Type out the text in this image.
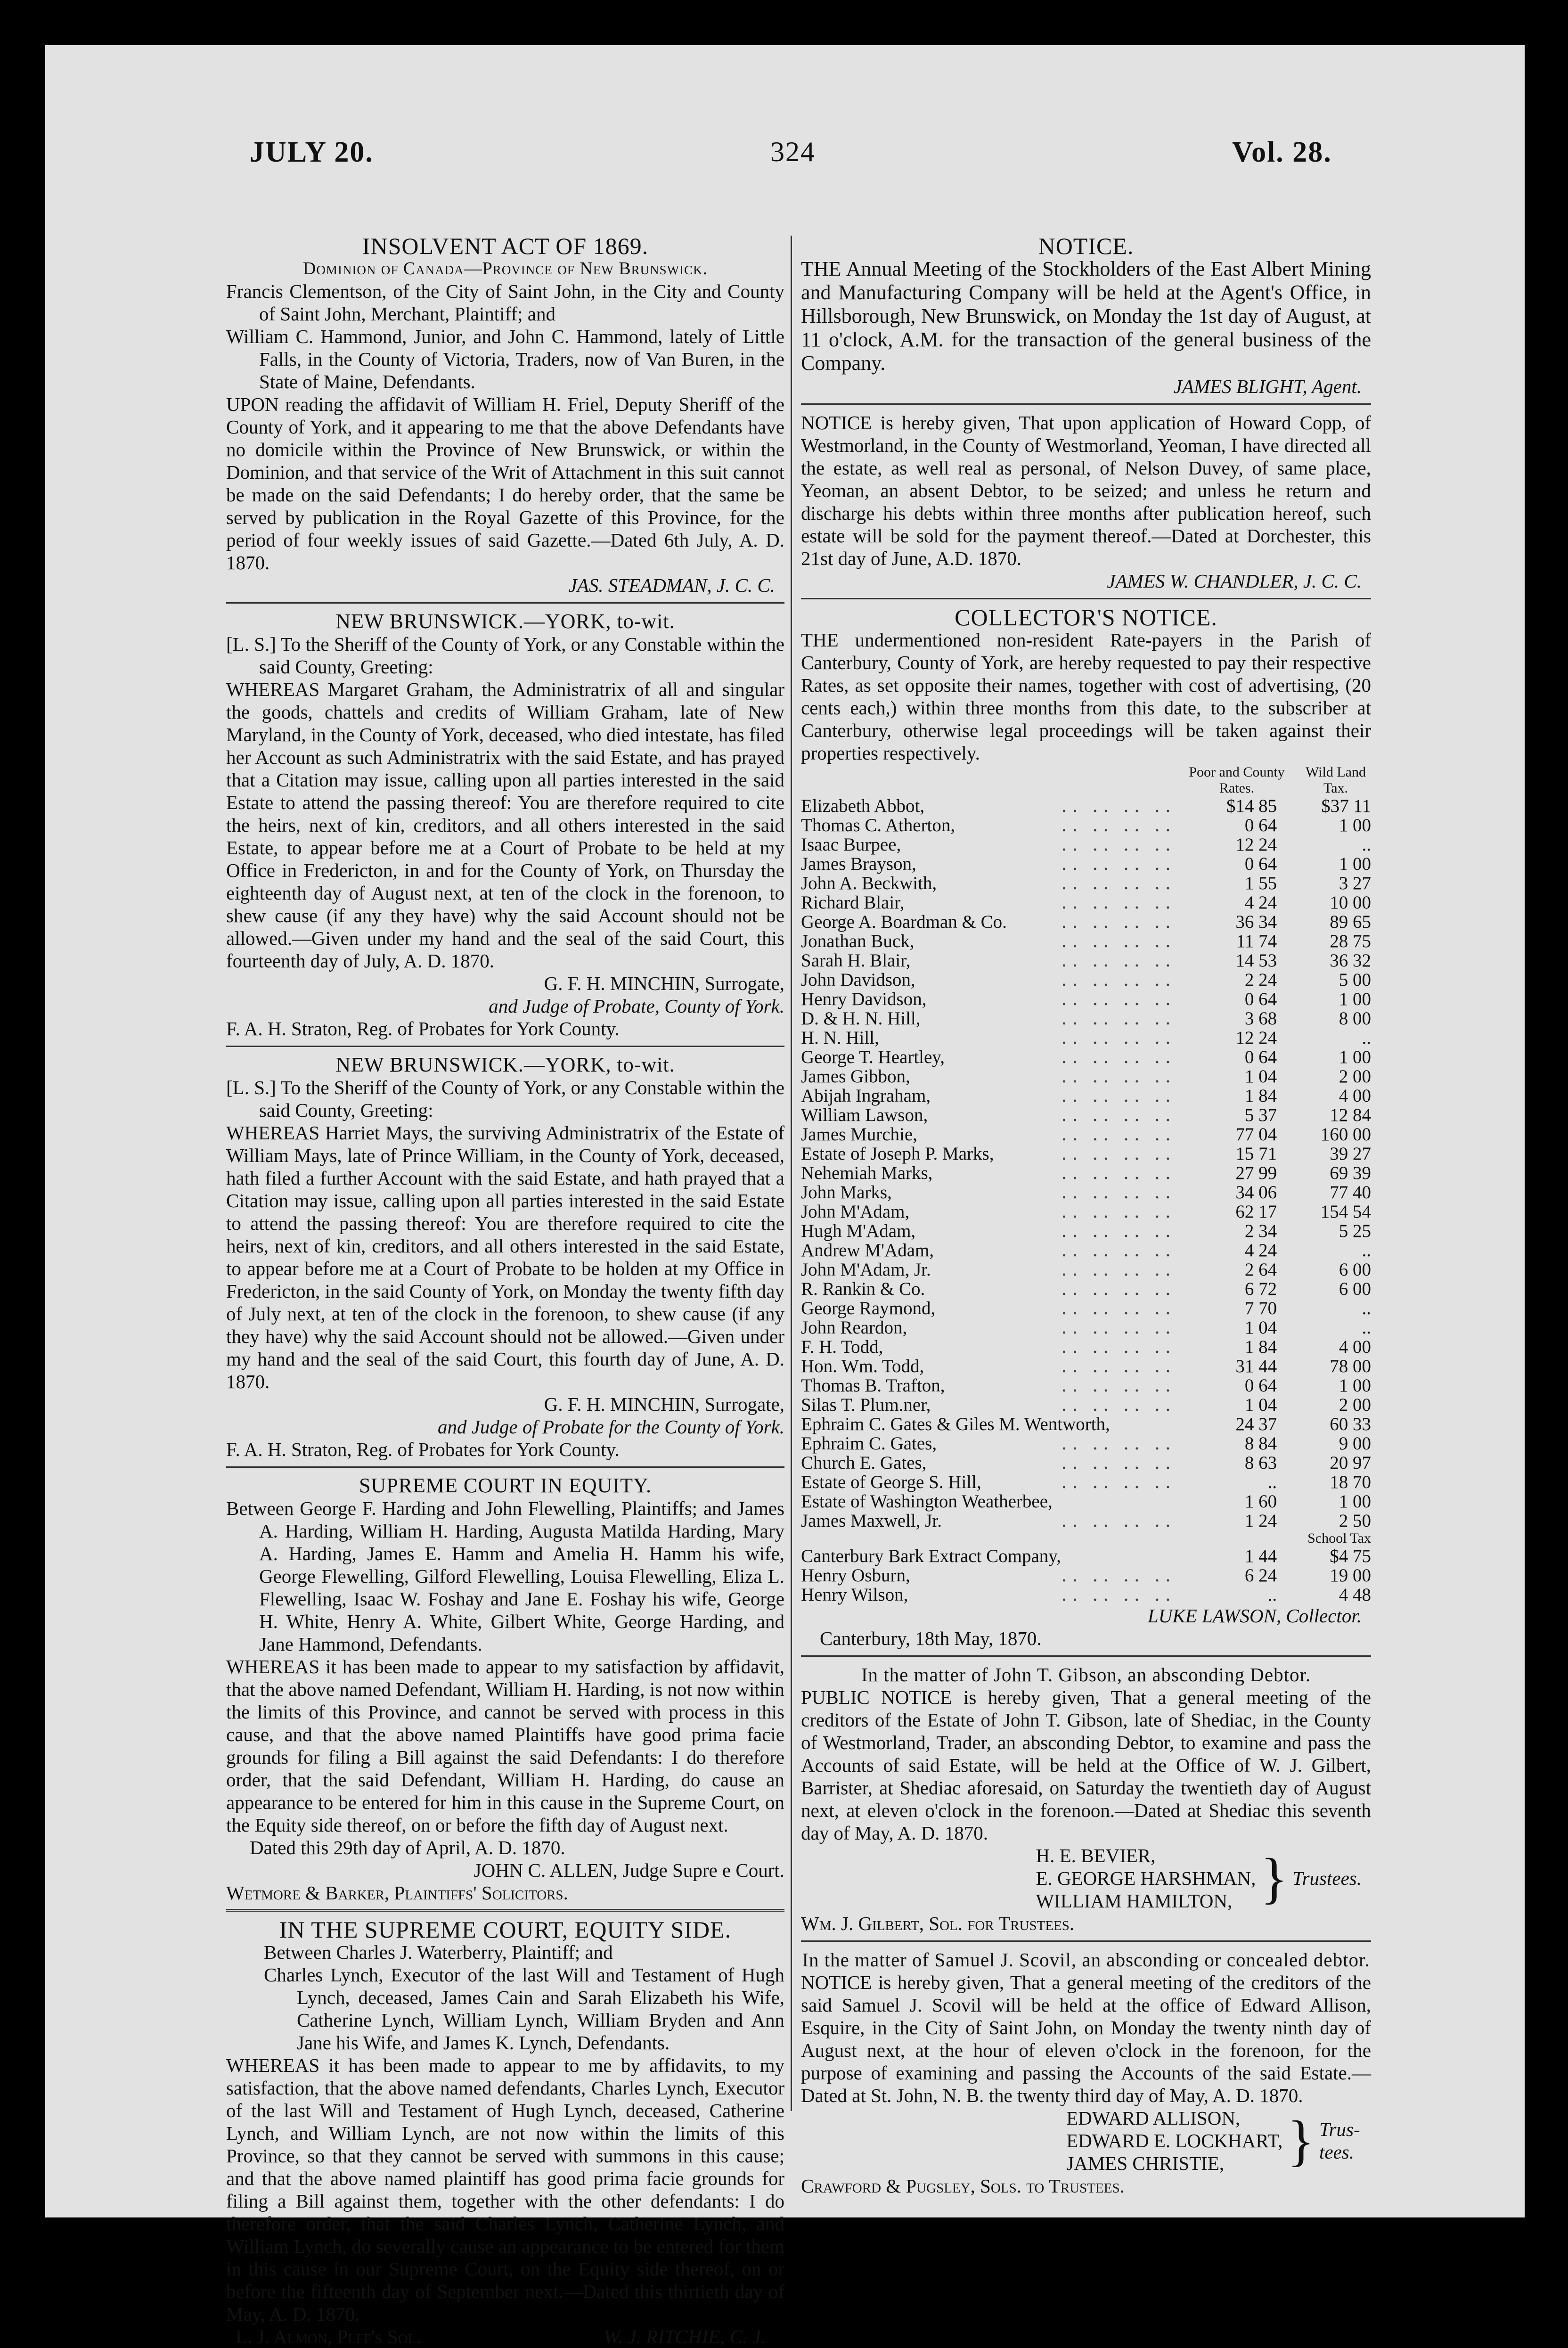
JULY 20.	324	Vol. 28.
INSOLVENT ACT OF 1869.
Dominion of Canada—Province of New Brunswick.

Francis Clementson, of the City of Saint John, in the City and County of Saint John, Merchant, Plaintiff; and

William C. Hammond, Junior, and John C. Hammond, lately of Little Falls, in the County of Victoria, Traders, now of Van Buren, in the State of Maine, Defendants.

UPON reading the affidavit of William H. Friel, Deputy Sheriff of the County of York, and it appearing to me that the above Defendants have no domicile within the Province of New Brunswick, or within the Dominion, and that service of the Writ of Attachment in this suit cannot be made on the said Defendants; I do hereby order, that the same be served by publication in the Royal Gazette of this Province, for the period of four weekly issues of said Gazette.—Dated 6th July, A. D. 1870.

JAS. STEADMAN, J. C. C.

NEW BRUNSWICK.—YORK, to-wit.

[L. S.] To the Sheriff of the County of York, or any Constable within the said County, Greeting:

WHEREAS Margaret Graham, the Administratrix of all and singular the goods, chattels and credits of William Graham, late of New Maryland, in the County of York, deceased, who died intestate, has filed her Account as such Administratrix with the said Estate, and has prayed that a Citation may issue, calling upon all parties interested in the said Estate to attend the passing thereof: You are therefore required to cite the heirs, next of kin, creditors, and all others interested in the said Estate, to appear before me at a Court of Probate to be held at my Office in Fredericton, in and for the County of York, on Thursday the eighteenth day of August next, at ten of the clock in the forenoon, to shew cause (if any they have) why the said Account should not be allowed.—Given under my hand and the seal of the said Court, this fourteenth day of July, A. D. 1870.

G. F. H. MINCHIN, Surrogate,

and Judge of Probate, County of York.

F. A. H. Straton, Reg. of Probates for York County.

NEW BRUNSWICK.—YORK, to-wit.

[L. S.] To the Sheriff of the County of York, or any Constable within the said County, Greeting:

WHEREAS Harriet Mays, the surviving Administratrix of the Estate of William Mays, late of Prince William, in the County of York, deceased, hath filed a further Account with the said Estate, and hath prayed that a Citation may issue, calling upon all parties interested in the said Estate to attend the passing thereof: You are therefore required to cite the heirs, next of kin, creditors, and all others interested in the said Estate, to appear before me at a Court of Probate to be holden at my Office in Fredericton, in the said County of York, on Monday the twenty fifth day of July next, at ten of the clock in the forenoon, to shew cause (if any they have) why the said Account should not be allowed.—Given under my hand and the seal of the said Court, this fourth day of June, A. D. 1870.

G. F. H. MINCHIN, Surrogate,

and Judge of Probate for the County of York.

F. A. H. Straton, Reg. of Probates for York County.

SUPREME COURT IN EQUITY.

Between George F. Harding and John Flewelling, Plaintiffs; and James A. Harding, William H. Harding, Augusta Matilda Harding, Mary A. Harding, James E. Hamm and Amelia H. Hamm his wife, George Flewelling, Gilford Flewelling, Louisa Flewelling, Eliza L. Flewelling, Isaac W. Foshay and Jane E. Foshay his wife, George H. White, Henry A. White, Gilbert White, George Harding, and Jane Hammond, Defendants.

WHEREAS it has been made to appear to my satisfaction by affidavit, that the above named Defendant, William H. Harding, is not now within the limits of this Province, and cannot be served with process in this cause, and that the above named Plaintiffs have good prima facie grounds for filing a Bill against the said Defendants: I do therefore order, that the said Defendant, William H. Harding, do cause an appearance to be entered for him in this cause in the Supreme Court, on the Equity side thereof, on or before the fifth day of August next.

Dated this 29th day of April, A. D. 1870.

JOHN C. ALLEN, Judge Supre e Court.

Wetmore & Barker, Plaintiffs' Solicitors.

IN THE SUPREME COURT, EQUITY SIDE.

Between Charles J. Waterberry, Plaintiff; and

Charles Lynch, Executor of the last Will and Testament of Hugh Lynch, deceased, James Cain and Sarah Elizabeth his Wife, Catherine Lynch, William Lynch, William Bryden and Ann Jane his Wife, and James K. Lynch, Defendants.

WHEREAS it has been made to appear to me by affidavits, to my satisfaction, that the above named defendants, Charles Lynch, Executor of the last Will and Testament of Hugh Lynch, deceased, Catherine Lynch, and William Lynch, are not now within the limits of this Province, so that they cannot be served with summons in this cause; and that the above named plaintiff has good prima facie grounds for filing a Bill against them, together with the other defendants: I do therefore order, that the said Charles Lynch, Catherine Lynch, and William Lynch, do severally cause an appearance to be entered for them in this cause in our Supreme Court, on the Equity side thereof, on or before the fifteenth day of September next.—Dated this thirtieth day of May, A. D. 1870.

L. J. Almon, Plff's Sol.	W. J. RITCHIE, C. J.
NOTICE.

THE Annual Meeting of the Stockholders of the East Albert Mining and Manufacturing Company will be held at the Agent's Office, in Hillsborough, New Brunswick, on Monday the 1st day of August, at 11 o'clock, A.M. for the transaction of the general business of the Company.

JAMES BLIGHT, Agent.

NOTICE is hereby given, That upon application of Howard Copp, of Westmorland, in the County of Westmorland, Yeoman, I have directed all the estate, as well real as personal, of Nelson Duvey, of same place, Yeoman, an absent Debtor, to be seized; and unless he return and discharge his debts within three months after publication hereof, such estate will be sold for the payment thereof.—Dated at Dorchester, this 21st day of June, A.D. 1870.

JAMES W. CHANDLER, J. C. C.

COLLECTOR'S NOTICE.

THE undermentioned non-resident Rate-payers in the Parish of Canterbury, County of York, are hereby requested to pay their respective Rates, as set opposite their names, together with cost of advertising, (20 cents each,) within three months from this date, to the subscriber at Canterbury, otherwise legal proceedings will be taken against their properties respectively.

Poor and County Rates.
Wild Land Tax.
Elizabeth Abbot,	․․ ․․ ․․ ․․	$14 85	$37 11
Thomas C. Atherton,	․․ ․․ ․․ ․․	0 64	1 00
Isaac Burpee,	․․ ․․ ․․ ․․	12 24	..
James Brayson,	․․ ․․ ․․ ․․	0 64	1 00
John A. Beckwith,	․․ ․․ ․․ ․․	1 55	3 27
Richard Blair,	․․ ․․ ․․ ․․	4 24	10 00
George A. Boardman & Co.	․․ ․․ ․․ ․․	36 34	89 65
Jonathan Buck,	․․ ․․ ․․ ․․	11 74	28 75
Sarah H. Blair,	․․ ․․ ․․ ․․	14 53	36 32
John Davidson,	․․ ․․ ․․ ․․	2 24	5 00
Henry Davidson,	․․ ․․ ․․ ․․	0 64	1 00
D. & H. N. Hill,	․․ ․․ ․․ ․․	3 68	8 00
H. N. Hill,	․․ ․․ ․․ ․․	12 24	..
George T. Heartley,	․․ ․․ ․․ ․․	0 64	1 00
James Gibbon,	․․ ․․ ․․ ․․	1 04	2 00
Abijah Ingraham,	․․ ․․ ․․ ․․	1 84	4 00
William Lawson,	․․ ․․ ․․ ․․	5 37	12 84
James Murchie,	․․ ․․ ․․ ․․	77 04	160 00
Estate of Joseph P. Marks,	․․ ․․ ․․ ․․	15 71	39 27
Nehemiah Marks,	․․ ․․ ․․ ․․	27 99	69 39
John Marks,	․․ ․․ ․․ ․․	34 06	77 40
John M'Adam,	․․ ․․ ․․ ․․	62 17	154 54
Hugh M'Adam,	․․ ․․ ․․ ․․	2 34	5 25
Andrew M'Adam,	․․ ․․ ․․ ․․	4 24	..
John M'Adam, Jr.	․․ ․․ ․․ ․․	2 64	6 00
R. Rankin & Co.	․․ ․․ ․․ ․․	6 72	6 00
George Raymond,	․․ ․․ ․․ ․․	7 70	..
John Reardon,	․․ ․․ ․․ ․․	1 04	..
F. H. Todd,	․․ ․․ ․․ ․․	1 84	4 00
Hon. Wm. Todd,	․․ ․․ ․․ ․․	31 44	78 00
Thomas B. Trafton,	․․ ․․ ․․ ․․	0 64	1 00
Silas T. Plum.ner,	․․ ․․ ․․ ․․	1 04	2 00
Ephraim C. Gates & Giles M. Wentworth,		24 37	60 33
Ephraim C. Gates,	․․ ․․ ․․ ․․	8 84	9 00
Church E. Gates,	․․ ․․ ․․ ․․	8 63	20 97
Estate of George S. Hill,	․․ ․․ ․․ ․․	..	18 70
Estate of Washington Weatherbee,		1 60	1 00
James Maxwell, Jr.	․․ ․․ ․․ ․․	1 24	2 50
School Tax
Canterbury Bark Extract Company,		1 44	$4 75
Henry Osburn,	․․ ․․ ․․ ․․	6 24	19 00
Henry Wilson,	․․ ․․ ․․ ․․	..	4 48

LUKE LAWSON, Collector.

Canterbury, 18th May, 1870.

In the matter of John T. Gibson, an absconding Debtor.

PUBLIC NOTICE is hereby given, That a general meeting of the creditors of the Estate of John T. Gibson, late of Shediac, in the County of Westmorland, Trader, an absconding Debtor, to examine and pass the Accounts of said Estate, will be held at the Office of W. J. Gilbert, Barrister, at Shediac aforesaid, on Saturday the twentieth day of August next, at eleven o'clock in the forenoon.—Dated at Shediac this seventh day of May, A. D. 1870.

H. E. BEVIER,
E. GEORGE HARSHMAN,
WILLIAM HAMILTON, } Trustees.

Wm. J. Gilbert, Sol. for Trustees.

In the matter of Samuel J. Scovil, an absconding or concealed debtor.

NOTICE is hereby given, That a general meeting of the creditors of the said Samuel J. Scovil will be held at the office of Edward Allison, Esquire, in the City of Saint John, on Monday the twenty ninth day of August next, at the hour of eleven o'clock in the forenoon, for the purpose of examining and passing the Accounts of the said Estate.—Dated at St. John, N. B. the twenty third day of May, A. D. 1870.

EDWARD ALLISON,
EDWARD E. LOCKHART,
JAMES CHRISTIE,	} Trus- tees.

Crawford & Pugsley, Sols. to Trustees.
